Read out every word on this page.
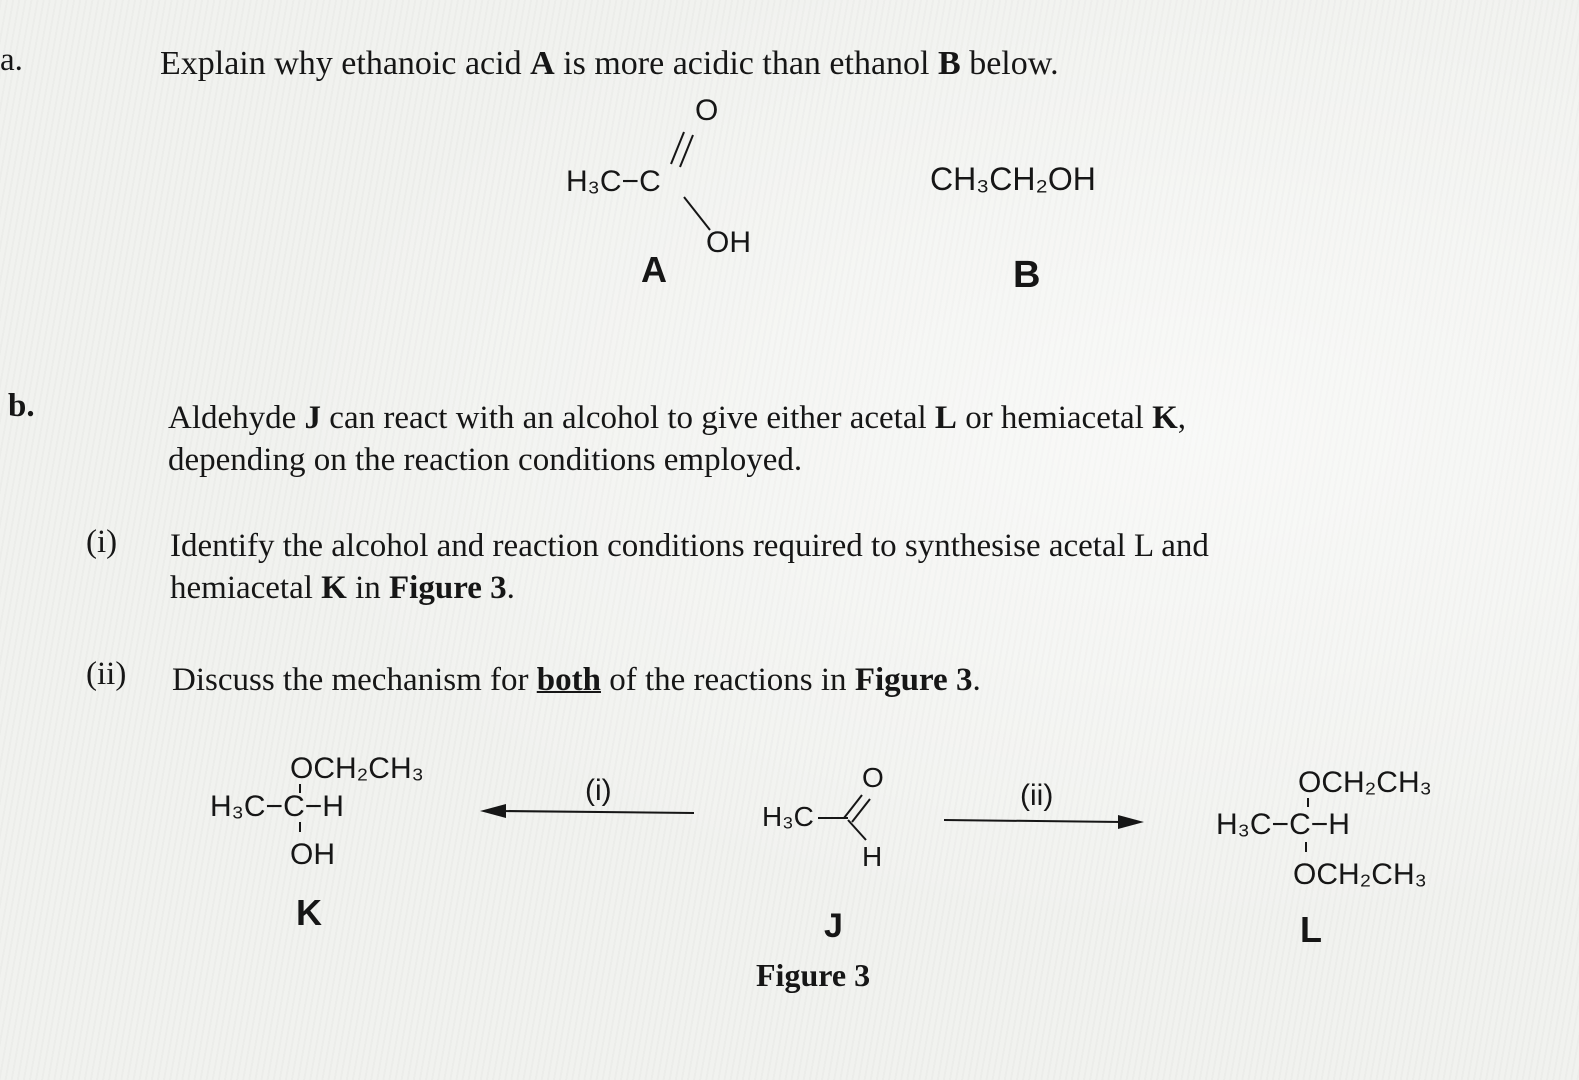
a.	Explain why ethanoic acid A is more acidic than ethanol B below.
O
H₃C−C
OH
A
CH₃CH₂OH
B
OCH₂CH₃
H₃C−C−H
OH
K
(i)	O
H₃C
H
J
(ii)	OCH₂CH₃
H₃C−C−H
OCH₂CH₃
L
b.	Aldehyde J can react with an alcohol to give either acetal L or hemiacetal K,
depending on the reaction conditions employed.
(i) Identify the alcohol and reaction conditions required to synthesise acetal L and
hemiacetal K in Figure 3.
(ii) Discuss the mechanism for both of the reactions in Figure 3.
Figure 3
